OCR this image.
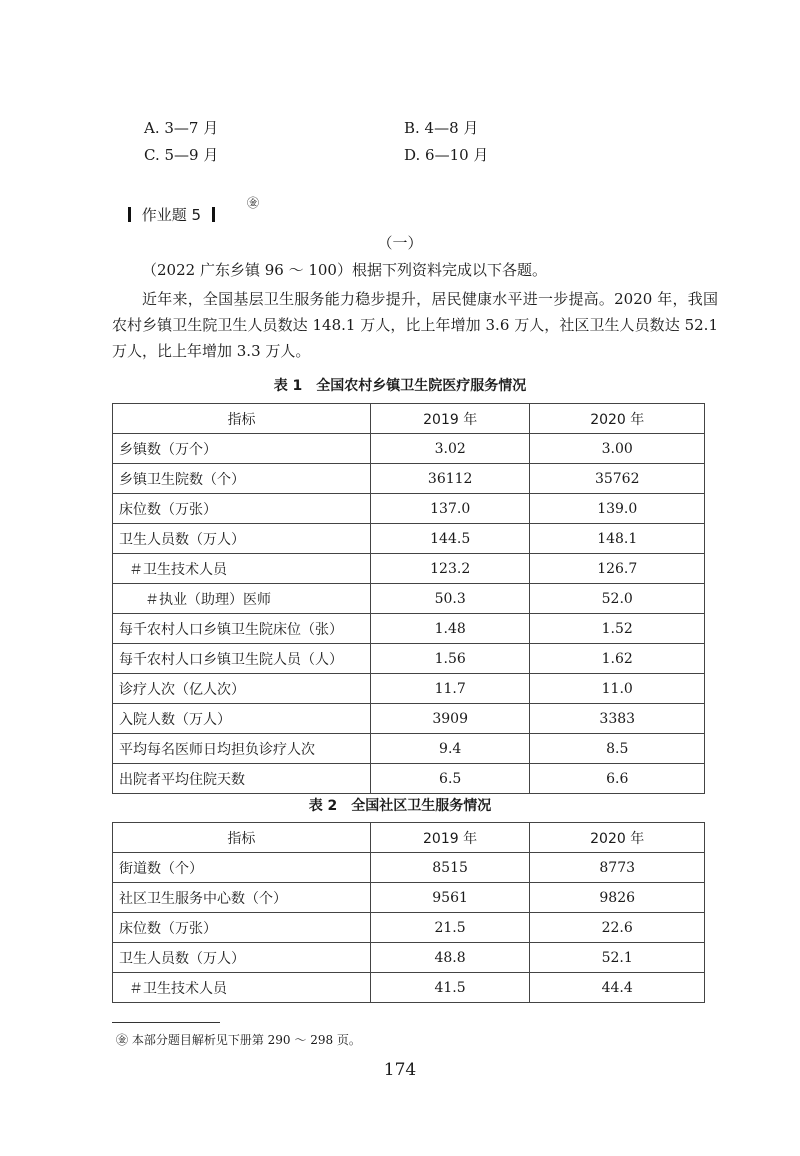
A. 3—7 月	B. 4—8 月
C. 5—9 月	D. 6—10 月
作业题 5
㊎
（一）
（2022 广东乡镇 96 ～ 100）根据下列资料完成以下各题。
近年来，全国基层卫生服务能力稳步提升，居民健康水平进一步提高。2020 年，我国农村乡镇卫生院卫生人员数达 148.1 万人，比上年增加 3.6 万人，社区卫生人员数达 52.1 万人，比上年增加 3.3 万人。
表 1　全国农村乡镇卫生院医疗服务情况
指标	2019 年	2020 年
乡镇数（万个）	3.02	3.00
乡镇卫生院数（个）	36112	35762
床位数（万张）	137.0	139.0
卫生人员数（万人）	144.5	148.1
＃卫生技术人员	123.2	126.7
＃执业（助理）医师	50.3	52.0
每千农村人口乡镇卫生院床位（张）	1.48	1.52
每千农村人口乡镇卫生院人员（人）	1.56	1.62
诊疗人次（亿人次）	11.7	11.0
入院人数（万人）	3909	3383
平均每名医师日均担负诊疗人次	9.4	8.5
出院者平均住院天数	6.5	6.6
表 2　全国社区卫生服务情况
指标	2019 年	2020 年
街道数（个）	8515	8773
社区卫生服务中心数（个）	9561	9826
床位数（万张）	21.5	22.6
卫生人员数（万人）	48.8	52.1
＃卫生技术人员	41.5	44.4
㊎ 本部分题目解析见下册第 290 ～ 298 页。
174
